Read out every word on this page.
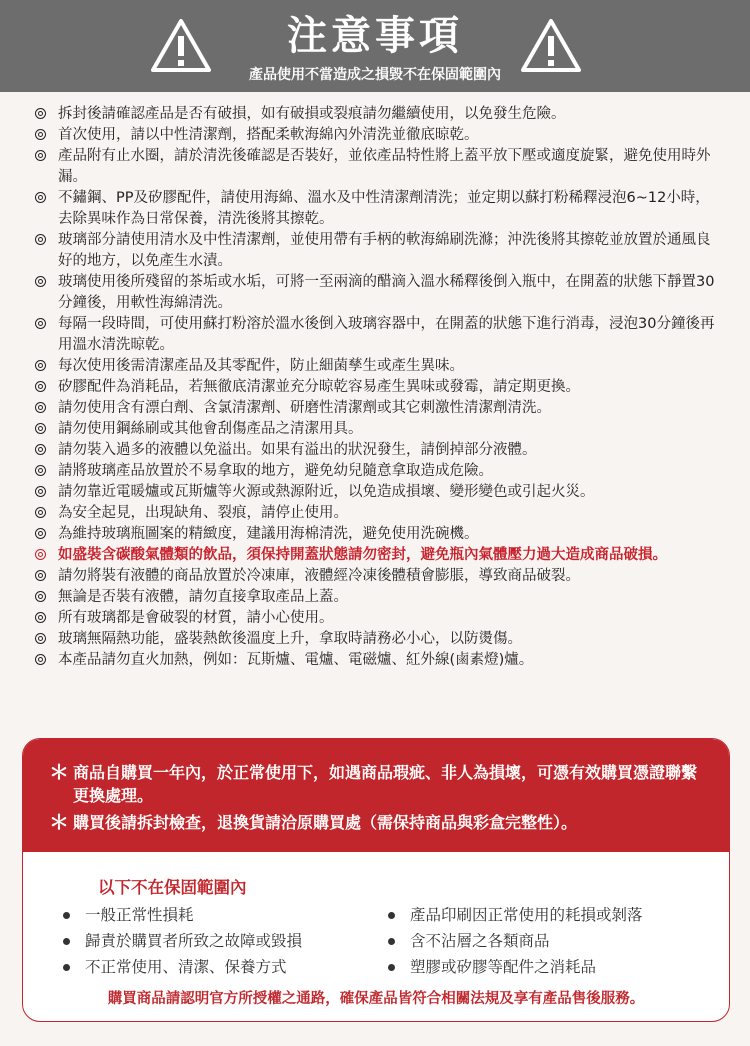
注意事項
產品使用不當造成之損毀不在保固範圍內
拆封後請確認產品是否有破損，如有破損或裂痕請勿繼續使用，以免發生危險。
首次使用，請以中性清潔劑，搭配柔軟海綿內外清洗並徹底晾乾。
產品附有止水圈，請於清洗後確認是否裝好，並依產品特性將上蓋平放下壓或適度旋緊，避免使用時外漏。
不鏽鋼、PP及矽膠配件，請使用海綿、溫水及中性清潔劑清洗；並定期以蘇打粉稀釋浸泡6~12小時，去除異味作為日常保養，清洗後將其擦乾。
玻璃部分請使用清水及中性清潔劑，並使用帶有手柄的軟海綿刷洗滌；沖洗後將其擦乾並放置於通風良好的地方，以免產生水漬。
玻璃使用後所殘留的茶垢或水垢，可將一至兩滴的醋滴入溫水稀釋後倒入瓶中，在開蓋的狀態下靜置30分鐘後，用軟性海綿清洗。
每隔一段時間，可使用蘇打粉溶於溫水後倒入玻璃容器中，在開蓋的狀態下進行消毒，浸泡30分鐘後再用溫水清洗晾乾。
每次使用後需清潔產品及其零配件，防止細菌孳生或產生異味。
矽膠配件為消耗品，若無徹底清潔並充分晾乾容易產生異味或發霉，請定期更換。
請勿使用含有漂白劑、含氯清潔劑、研磨性清潔劑或其它刺激性清潔劑清洗。
請勿使用鋼絲刷或其他會刮傷產品之清潔用具。
請勿裝入過多的液體以免溢出。如果有溢出的狀況發生，請倒掉部分液體。
請將玻璃產品放置於不易拿取的地方，避免幼兒隨意拿取造成危險。
請勿靠近電暖爐或瓦斯爐等火源或熱源附近，以免造成損壞、變形變色或引起火災。
為安全起見，出現缺角、裂痕，請停止使用。
為維持玻璃瓶圖案的精緻度，建議用海棉清洗，避免使用洗碗機。
如盛裝含碳酸氣體類的飲品，須保持開蓋狀態請勿密封，避免瓶內氣體壓力過大造成商品破損。
請勿將裝有液體的商品放置於冷凍庫，液體經冷凍後體積會膨脹，導致商品破裂。
無論是否裝有液體，請勿直接拿取產品上蓋。
所有玻璃都是會破裂的材質，請小心使用。
玻璃無隔熱功能，盛裝熱飲後溫度上升，拿取時請務必小心，以防燙傷。
本產品請勿直火加熱，例如：瓦斯爐、電爐、電磁爐、紅外線(鹵素燈)爐。
＊ 商品自購買一年內，於正常使用下，如遇商品瑕疵、非人為損壞，可憑有效購買憑證聯繫更換處理。
＊ 購買後請拆封檢查，退換貨請洽原購買處（需保持商品與彩盒完整性）。
以下不在保固範圍內
一般正常性損耗
歸責於購買者所致之故障或毀損
不正常使用、清潔、保養方式
產品印刷因正常使用的耗損或剝落
含不沾層之各類商品
塑膠或矽膠等配件之消耗品
購買商品請認明官方所授權之通路，確保產品皆符合相關法規及享有產品售後服務。
